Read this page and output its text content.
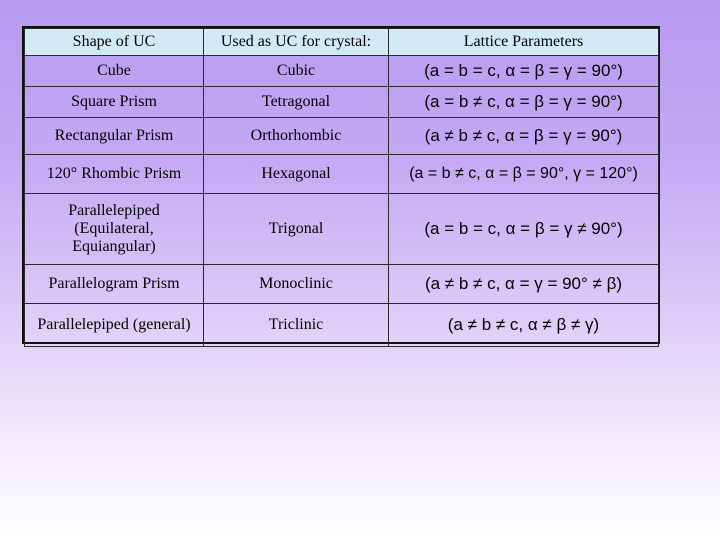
Shape of UC	Used as UC for crystal:	Lattice Parameters
Cube	Cubic	(a = b = c, α = β = γ = 90°)
Square Prism	Tetragonal	(a = b ≠ c, α = β = γ = 90°)
Rectangular Prism	Orthorhombic	(a ≠ b ≠ c, α = β = γ = 90°)
120° Rhombic Prism	Hexagonal	(a = b ≠ c, α = β = 90°, γ = 120°)
Parallelepiped
(Equilateral,
Equiangular)	Trigonal	(a = b = c, α = β = γ ≠ 90°)
Parallelogram Prism	Monoclinic	(a ≠ b ≠ c, α = γ = 90° ≠ β)
Parallelepiped (general)	Triclinic	(a ≠ b ≠ c, α ≠ β ≠ γ)
